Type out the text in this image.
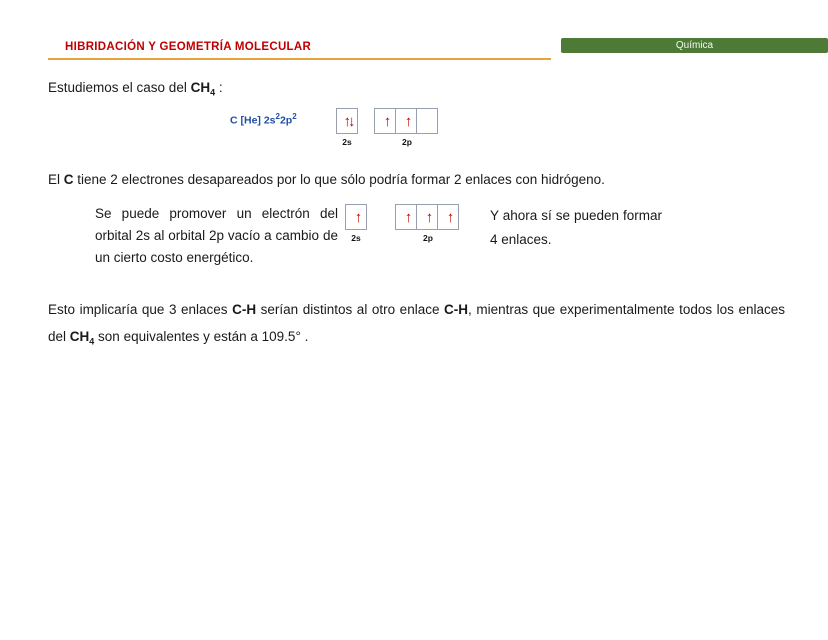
HIBRIDACIÓN Y GEOMETRÍA MOLECULAR	Química

Estudiemos el caso del $CH_4$ :

C [He] $2s^22p^2$	↑↓ ↑ ↑
2s	2p

El C tiene 2 electrones desapareados por lo que sólo podría formar 2 enlaces con hidrógeno.

Se puede promover un electrón del orbital 2s al orbital 2p vacío a cambio de un cierto costo energético.

↑	↑ ↑ ↑
2s	2p

Y ahora sí se pueden formar 4 enlaces.

Esto implicaría que 3 enlaces C-H serían distintos al otro enlace C-H, mientras que experimentalmente todos los enlaces del $CH_4$ son equivalentes y están a 109.5° .
